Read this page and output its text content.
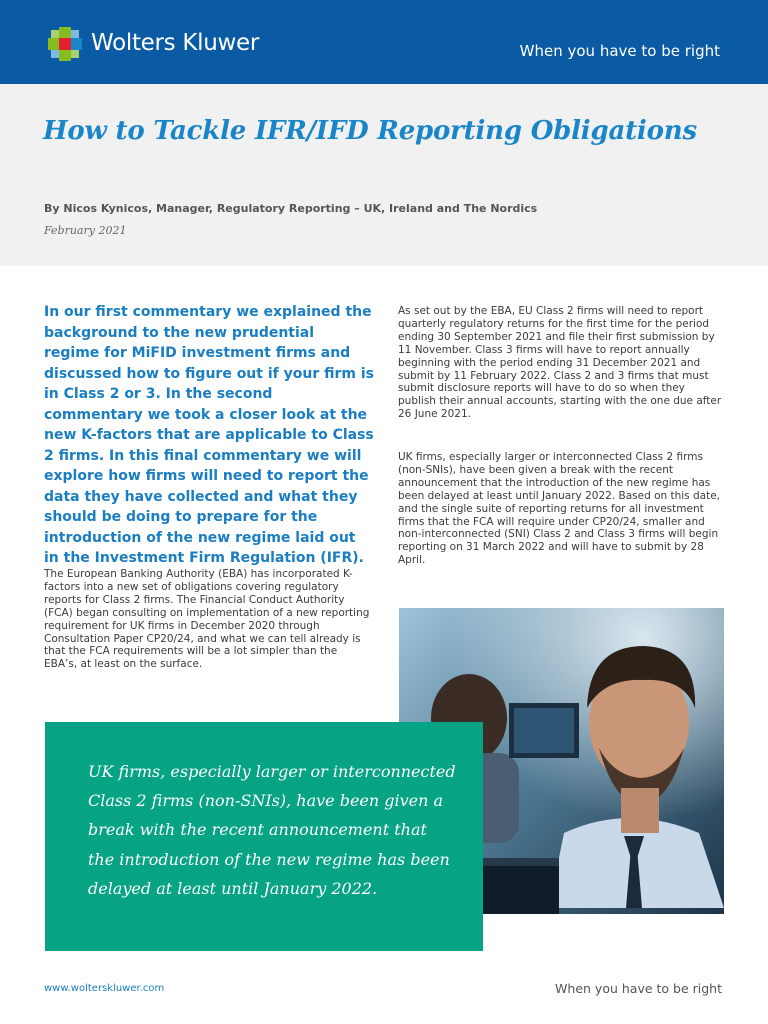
Wolters Kluwer	When you have to be right
How to Tackle IFR/IFD Reporting Obligations
By Nicos Kynicos, Manager, Regulatory Reporting – UK, Ireland and The Nordics
February 2021

In our first commentary we explained the background to the new prudential regime for MiFID investment firms and discussed how to figure out if your firm is in Class 2 or 3. In the second commentary we took a closer look at the new K-factors that are applicable to Class 2 firms. In this final commentary we will explore how firms will need to report the data they have collected and what they should be doing to prepare for the introduction of the new regime laid out in the Investment Firm Regulation (IFR).

The European Banking Authority (EBA) has incorporated K-factors into a new set of obligations covering regulatory reports for Class 2 firms. The Financial Conduct Authority (FCA) began consulting on implementation of a new reporting requirement for UK firms in December 2020 through Consultation Paper CP20/24, and what we can tell already is that the FCA requirements will be a lot simpler than the EBA’s, at least on the surface.

As set out by the EBA, EU Class 2 firms will need to report quarterly regulatory returns for the first time for the period ending 30 September 2021 and file their first submission by 11 November. Class 3 firms will have to report annually beginning with the period ending 31 December 2021 and submit by 11 February 2022. Class 2 and 3 firms that must submit disclosure reports will have to do so when they publish their annual accounts, starting with the one due after 26 June 2021.

UK firms, especially larger or interconnected Class 2 firms (non-SNIs), have been given a break with the recent announcement that the introduction of the new regime has been delayed at least until January 2022. Based on this date, and the single suite of reporting returns for all investment firms that the FCA will require under CP20/24, smaller and non-interconnected (SNI) Class 2 and Class 3 firms will begin reporting on 31 March 2022 and will have to submit by 28 April.

UK firms, especially larger or interconnected Class 2 firms (non-SNIs), have been given a break with the recent announcement that the introduction of the new regime has been delayed at least until January 2022.

www.wolterskluwer.com	When you have to be right
